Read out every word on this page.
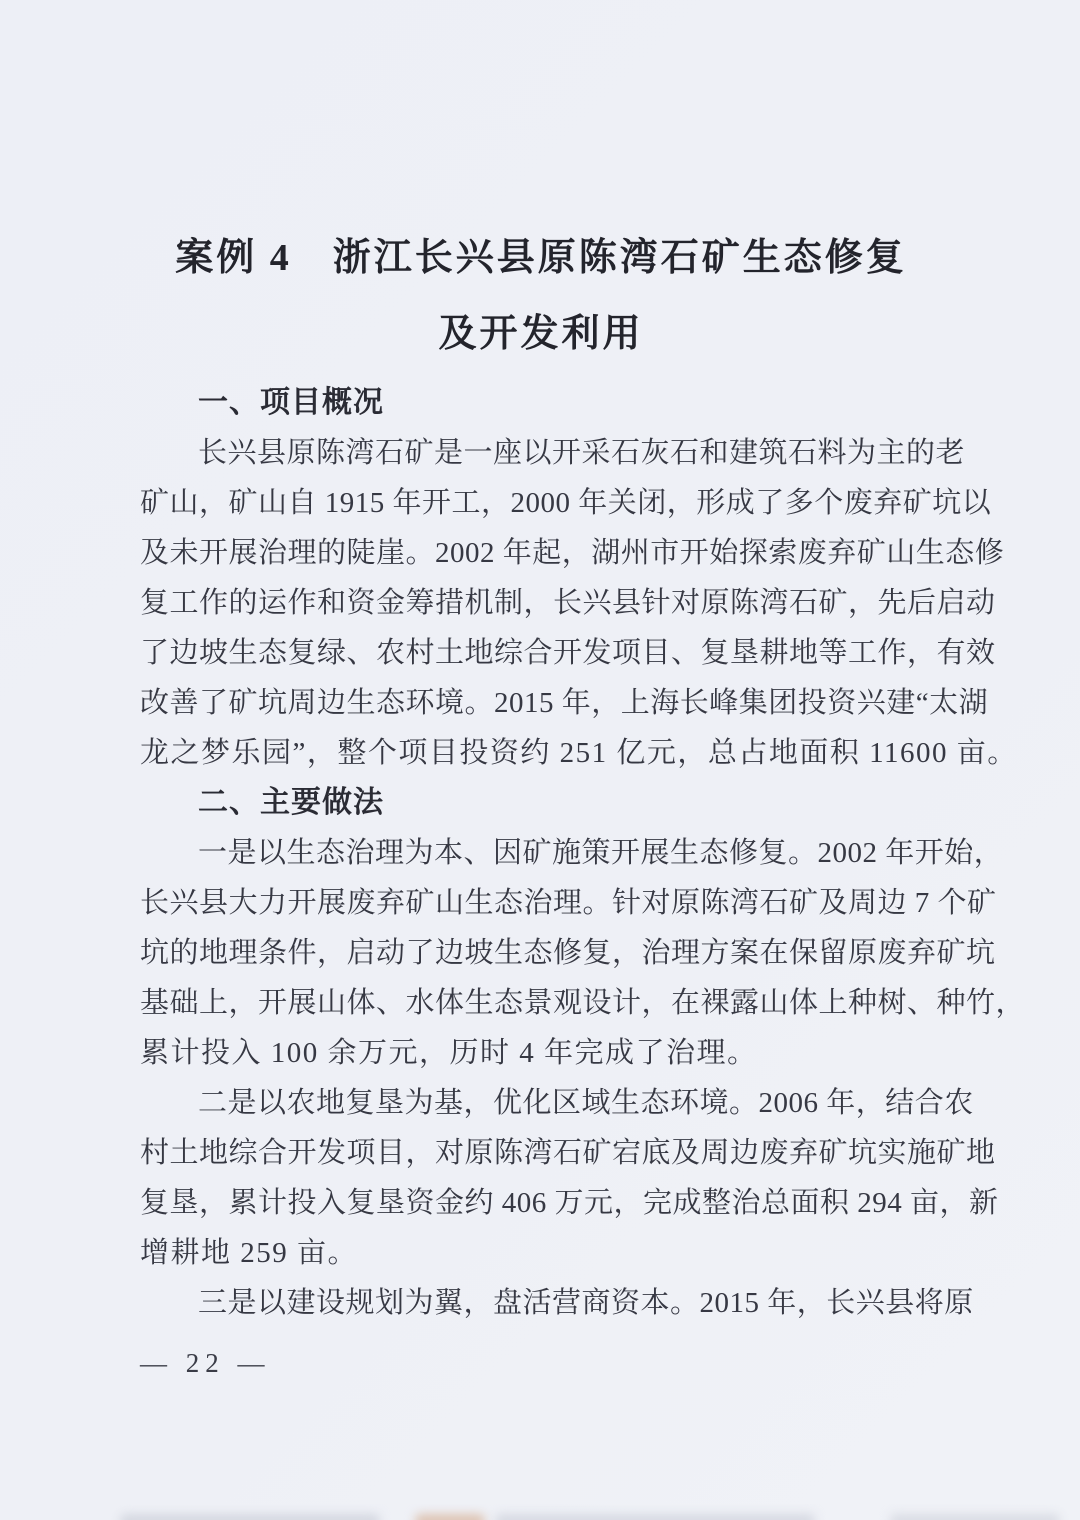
案例 4　浙江长兴县原陈湾石矿生态修复
及开发利用
一、项目概况
长兴县原陈湾石矿是一座以开采石灰石和建筑石料为主的老
矿山，矿山自 1915 年开工，2000 年关闭，形成了多个废弃矿坑以
及未开展治理的陡崖。2002 年起，湖州市开始探索废弃矿山生态修
复工作的运作和资金筹措机制，长兴县针对原陈湾石矿，先后启动
了边坡生态复绿、农村土地综合开发项目、复垦耕地等工作，有效
改善了矿坑周边生态环境。2015 年，上海长峰集团投资兴建“太湖
龙之梦乐园”，整个项目投资约 251 亿元，总占地面积 11600 亩。
二、主要做法
一是以生态治理为本、因矿施策开展生态修复。2002 年开始，
长兴县大力开展废弃矿山生态治理。针对原陈湾石矿及周边 7 个矿
坑的地理条件，启动了边坡生态修复，治理方案在保留原废弃矿坑
基础上，开展山体、水体生态景观设计，在裸露山体上种树、种竹，
累计投入 100 余万元，历时 4 年完成了治理。
二是以农地复垦为基，优化区域生态环境。2006 年，结合农
村土地综合开发项目，对原陈湾石矿宕底及周边废弃矿坑实施矿地
复垦，累计投入复垦资金约 406 万元，完成整治总面积 294 亩，新
增耕地 259 亩。
三是以建设规划为翼，盘活营商资本。2015 年，长兴县将原
— 22 —
